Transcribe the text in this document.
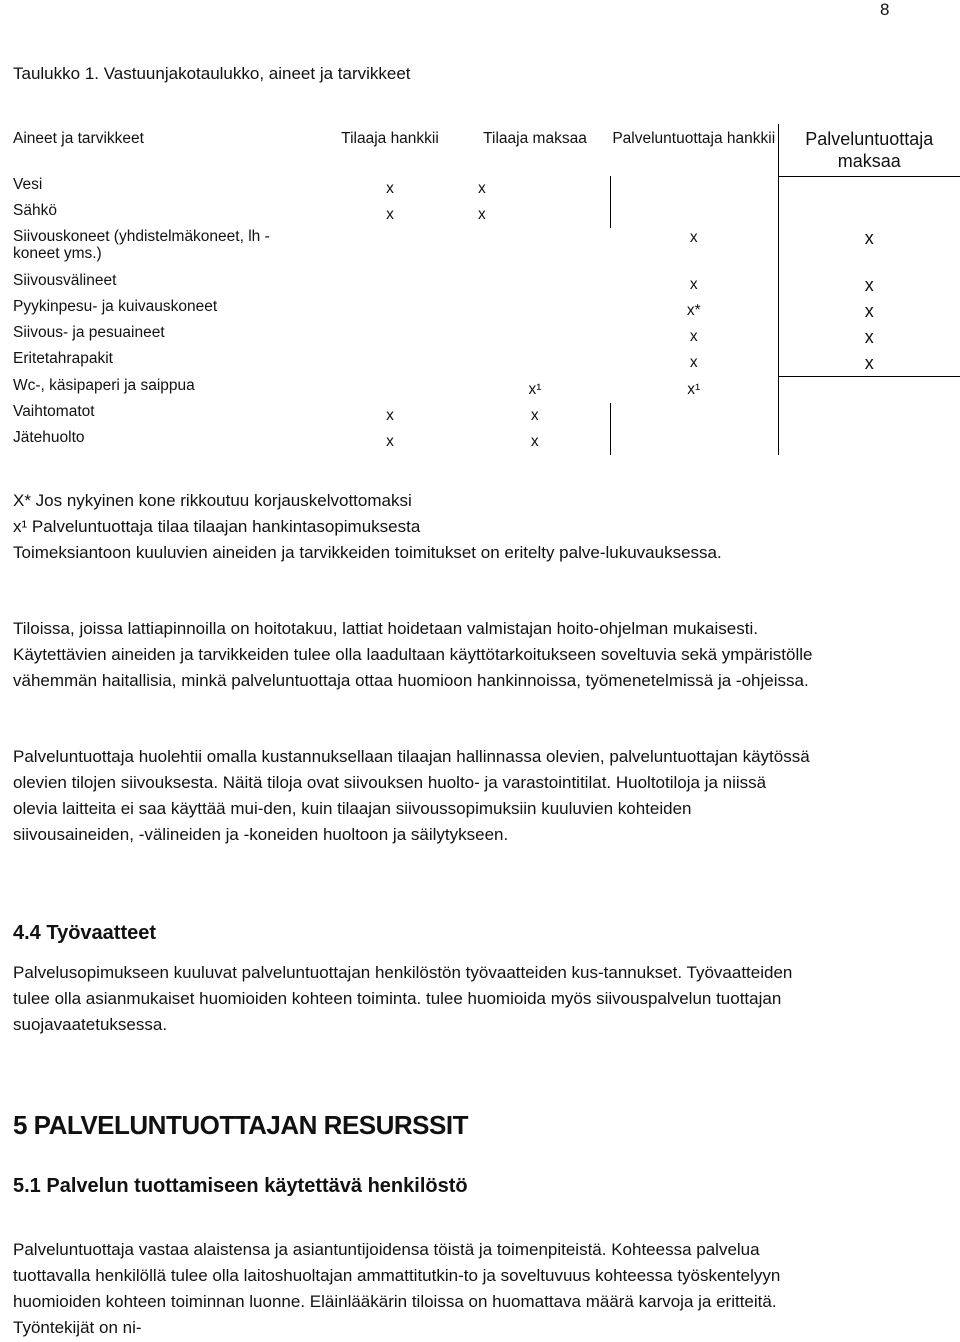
8
Taulukko 1. Vastuunjakotaulukko, aineet ja tarvikkeet
Aineet ja tarvikkeet	Tilaaja hankkii	Tilaaja maksaa	Palveluntuottaja hankkii	Palveluntuottaja maksaa
Vesi	x	x		
Sähkö	x	x		
Siivouskoneet (yhdistelmäkoneet, lh - koneet yms.)			x	x
Siivousvälineet			x	x
Pyykinpesu- ja kuivauskoneet			x*	x
Siivous- ja pesuaineet			x	x
Eritetahrapakit			x	x
Wc-, käsipaperi ja saippua		x¹	x¹	
Vaihtomatot	x	x		
Jätehuolto	x	x		

X* Jos nykyinen kone rikkoutuu korjauskelvottomaksi

x¹ Palveluntuottaja tilaa tilaajan hankintasopimuksesta

Toimeksiantoon kuuluvien aineiden ja tarvikkeiden toimitukset on eritelty palve-lukuvauksessa.

Tiloissa, joissa lattiapinnoilla on hoitotakuu, lattiat hoidetaan valmistajan hoito-ohjelman mukaisesti. Käytettävien aineiden ja tarvikkeiden tulee olla laadultaan käyttötarkoitukseen soveltuvia sekä ympäristölle vähemmän haitallisia, minkä palveluntuottaja ottaa huomioon hankinnoissa, työmenetelmissä ja -ohjeissa.
Palveluntuottaja huolehtii omalla kustannuksellaan tilaajan hallinnassa olevien, palveluntuottajan käytössä olevien tilojen siivouksesta. Näitä tiloja ovat siivouksen huolto- ja varastointitilat. Huoltotiloja ja niissä olevia laitteita ei saa käyttää mui-den, kuin tilaajan siivoussopimuksiin kuuluvien kohteiden siivousaineiden, -välineiden ja -koneiden huoltoon ja säilytykseen.
4.4 Työvaatteet
Palvelusopimukseen kuuluvat palveluntuottajan henkilöstön työvaatteiden kus-tannukset. Työvaatteiden tulee olla asianmukaiset huomioiden kohteen toiminta. tulee huomioida myös siivouspalvelun tuottajan suojavaatetuksessa.
5 PALVELUNTUOTTAJAN RESURSSIT
5.1 Palvelun tuottamiseen käytettävä henkilöstö
Palveluntuottaja vastaa alaistensa ja asiantuntijoidensa töistä ja toimenpiteistä. Kohteessa palvelua tuottavalla henkilöllä tulee olla laitoshuoltajan ammattitutkin-to ja soveltuvuus kohteessa työskentelyyn huomioiden kohteen toiminnan luonne. Eläinlääkärin tiloissa on huomattava määrä karvoja ja eritteitä. Työntekijät on ni-
